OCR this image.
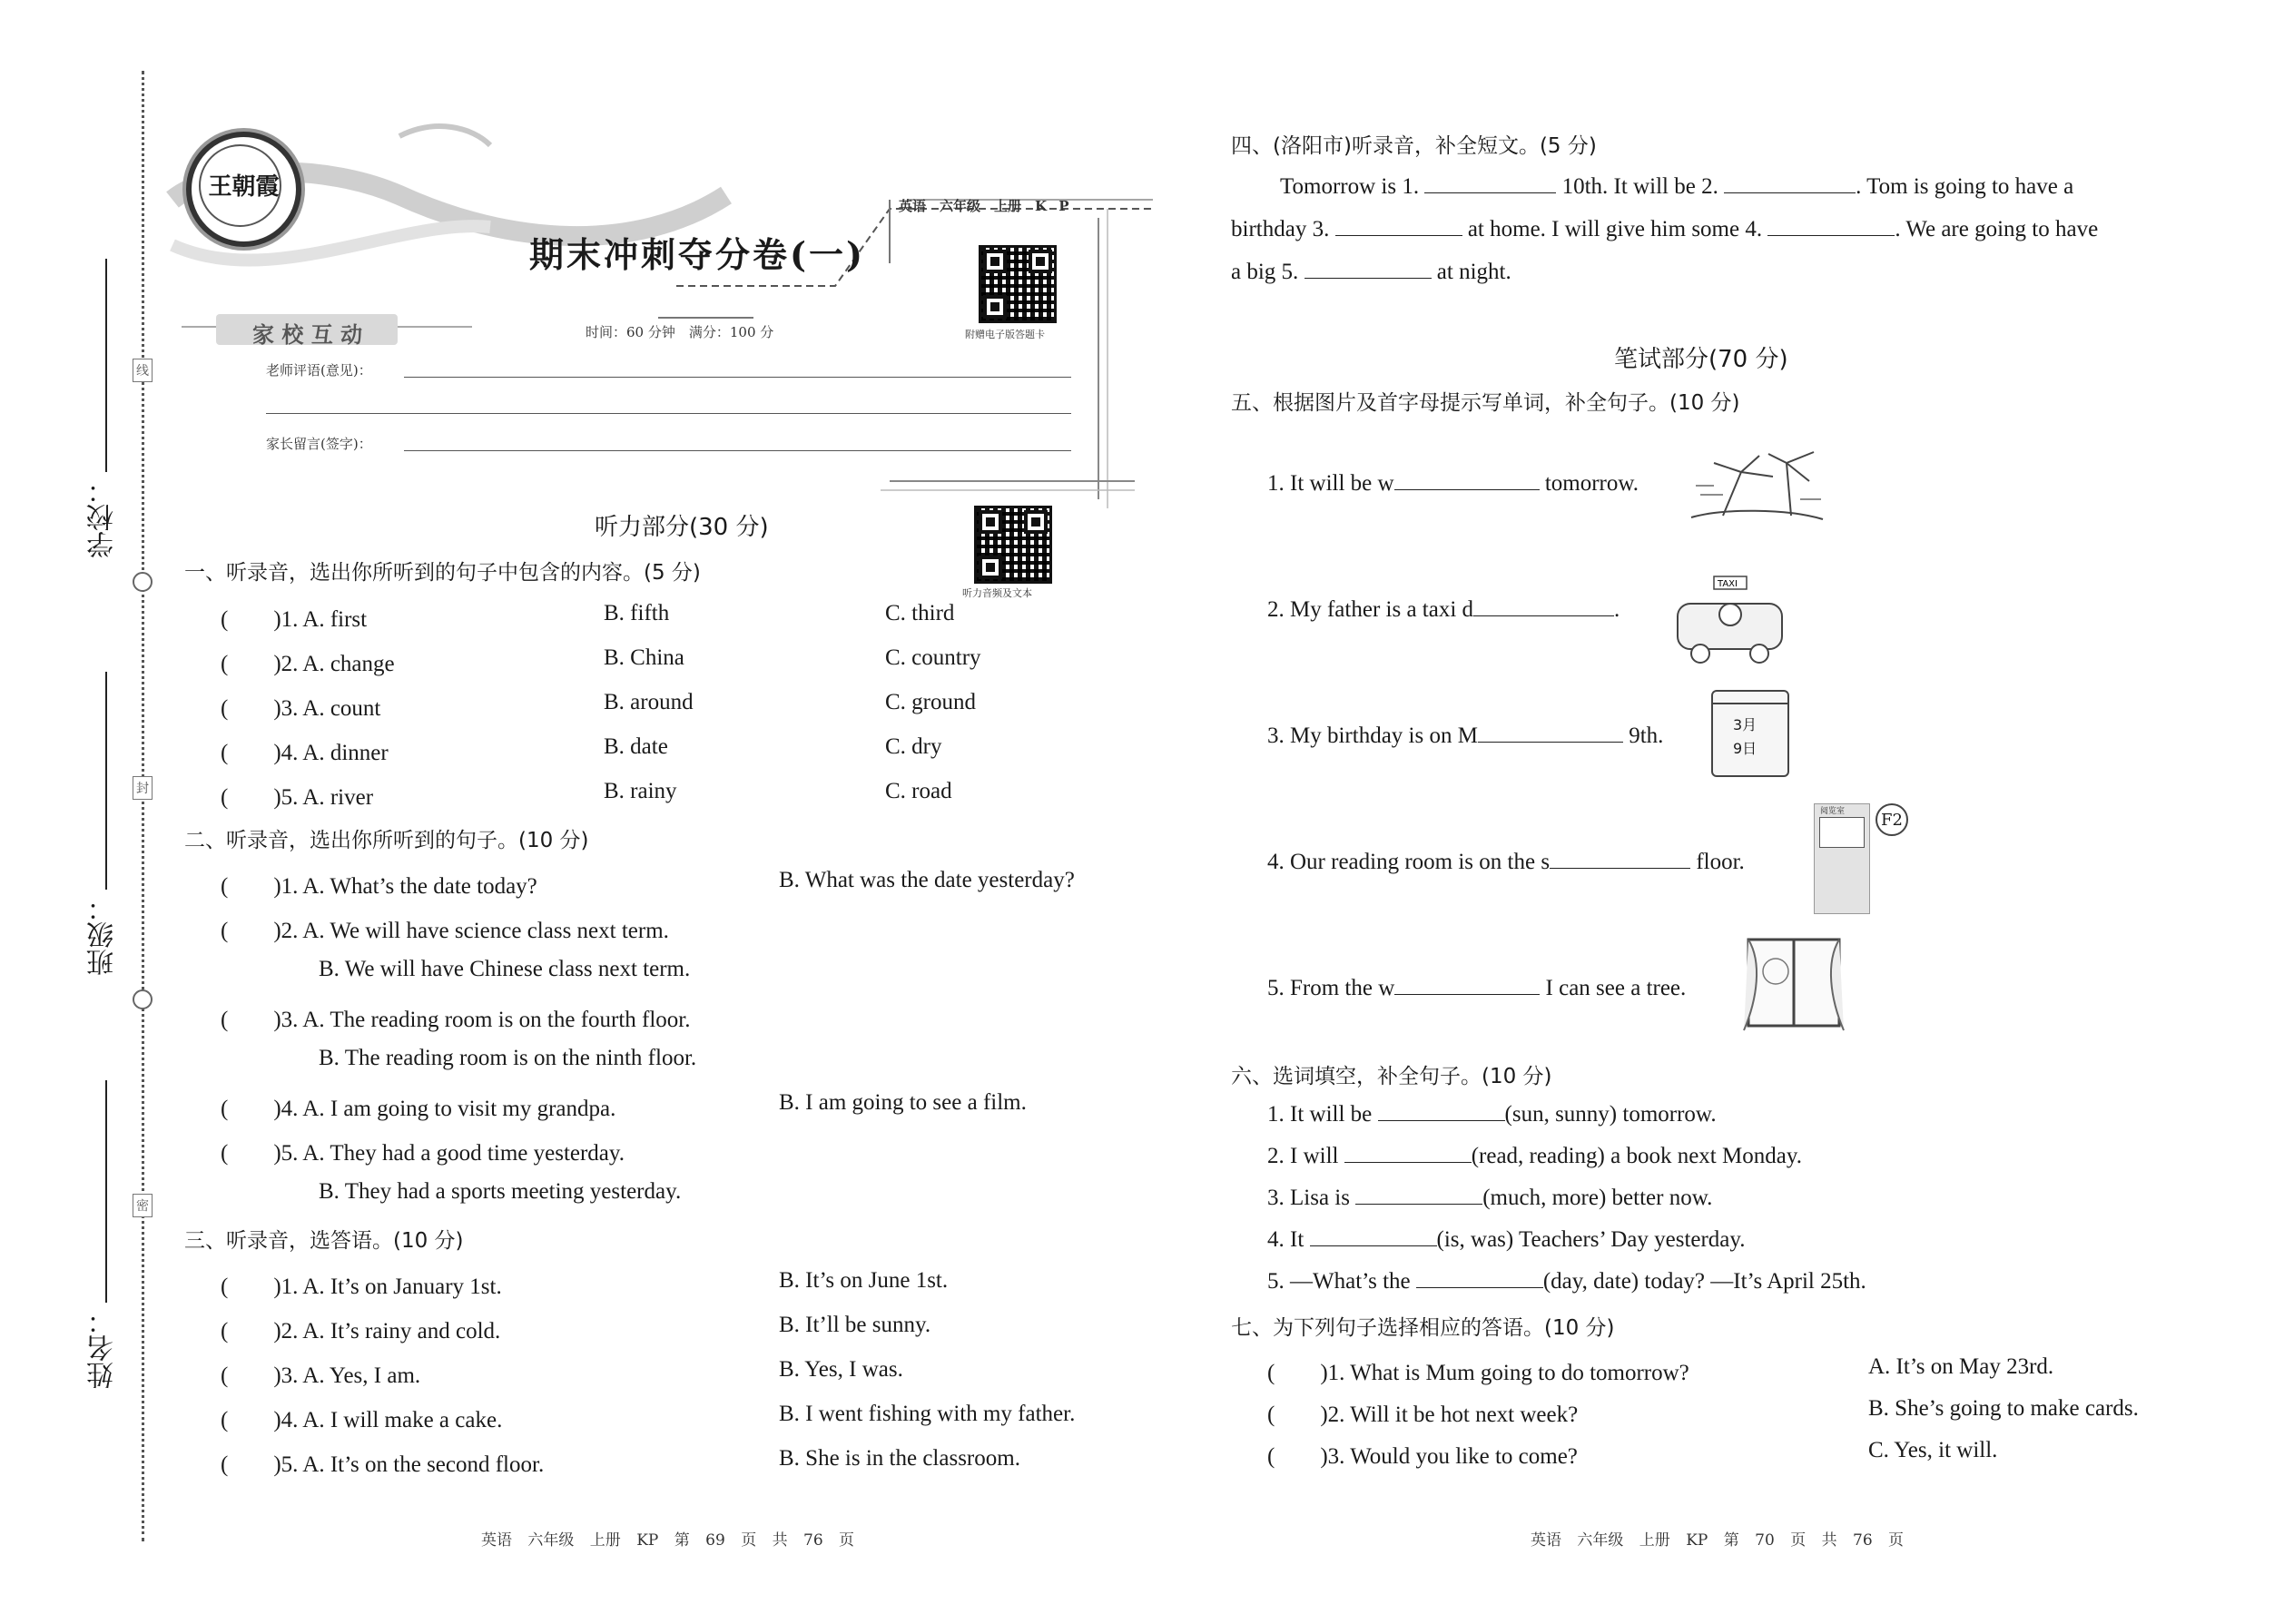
学校：
班级：
姓名：
线
封
密
王朝霞
期末冲刺夺分卷(一)
英语　六年级　上册　K P
附赠电子版答题卡
家 校 互 动	时间：60 分钟　满分：100 分
老师评语(意见)：
家长留言(签字)：
听力音频及文本
听力部分(30 分)
一、听录音，选出你所听到的句子中包含的内容。(5 分)
(　　)1. A. first	B. fifth	C. third
(　　)2. A. change	B. China	C. country
(　　)3. A. count	B. around	C. ground
(　　)4. A. dinner	B. date	C. dry
(　　)5. A. river	B. rainy	C. road
二、听录音，选出你所听到的句子。(10 分)
(　　)1. A. What’s the date today?	B. What was the date yesterday?
(　　)2. A. We will have science class next term.
B. We will have Chinese class next term.
(　　)3. A. The reading room is on the fourth floor.
B. The reading room is on the ninth floor.
(　　)4. A. I am going to visit my grandpa.	B. I am going to see a film.
(　　)5. A. They had a good time yesterday.
B. They had a sports meeting yesterday.
三、听录音，选答语。(10 分)
(　　)1. A. It’s on January 1st.	B. It’s on June 1st.
(　　)2. A. It’s rainy and cold.	B. It’ll be sunny.
(　　)3. A. Yes, I am.	B. Yes, I was.
(　　)4. A. I will make a cake.	B. I went fishing with my father.
(　　)5. A. It’s on the second floor.	B. She is in the classroom.
英语 六年级 上册 KP 第 69 页 共 76 页
四、(洛阳市)听录音，补全短文。(5 分)
Tomorrow is 1.	10th. It will be 2.	. Tom is going to have a
birthday 3.	at home. I will give him some 4.	. We are going to have
a big 5.	at night.
笔试部分(70 分)
五、根据图片及首字母提示写单词，补全句子。(10 分)
1. It will be w	tomorrow.
2. My father is a taxi d	.
TAXI
3. My birthday is on M	9th.	3月
9日
4. Our reading room is on the s	floor.
阅览室	F2
5. From the w	I can see a tree.
六、选词填空，补全句子。(10 分)
1. It will be	(sun, sunny) tomorrow.
2. I will	(read, reading) a book next Monday.
3. Lisa is	(much, more) better now.
4. It	(is, was) Teachers’ Day yesterday.
5. —What’s the	(day, date) today? —It’s April 25th.
七、为下列句子选择相应的答语。(10 分)
(　　)1. What is Mum going to do tomorrow?	A. It’s on May 23rd.
(　　)2. Will it be hot next week?	B. She’s going to make cards.
(　　)3. Would you like to come?	C. Yes, it will.
英语 六年级 上册 KP 第 70 页 共 76 页
